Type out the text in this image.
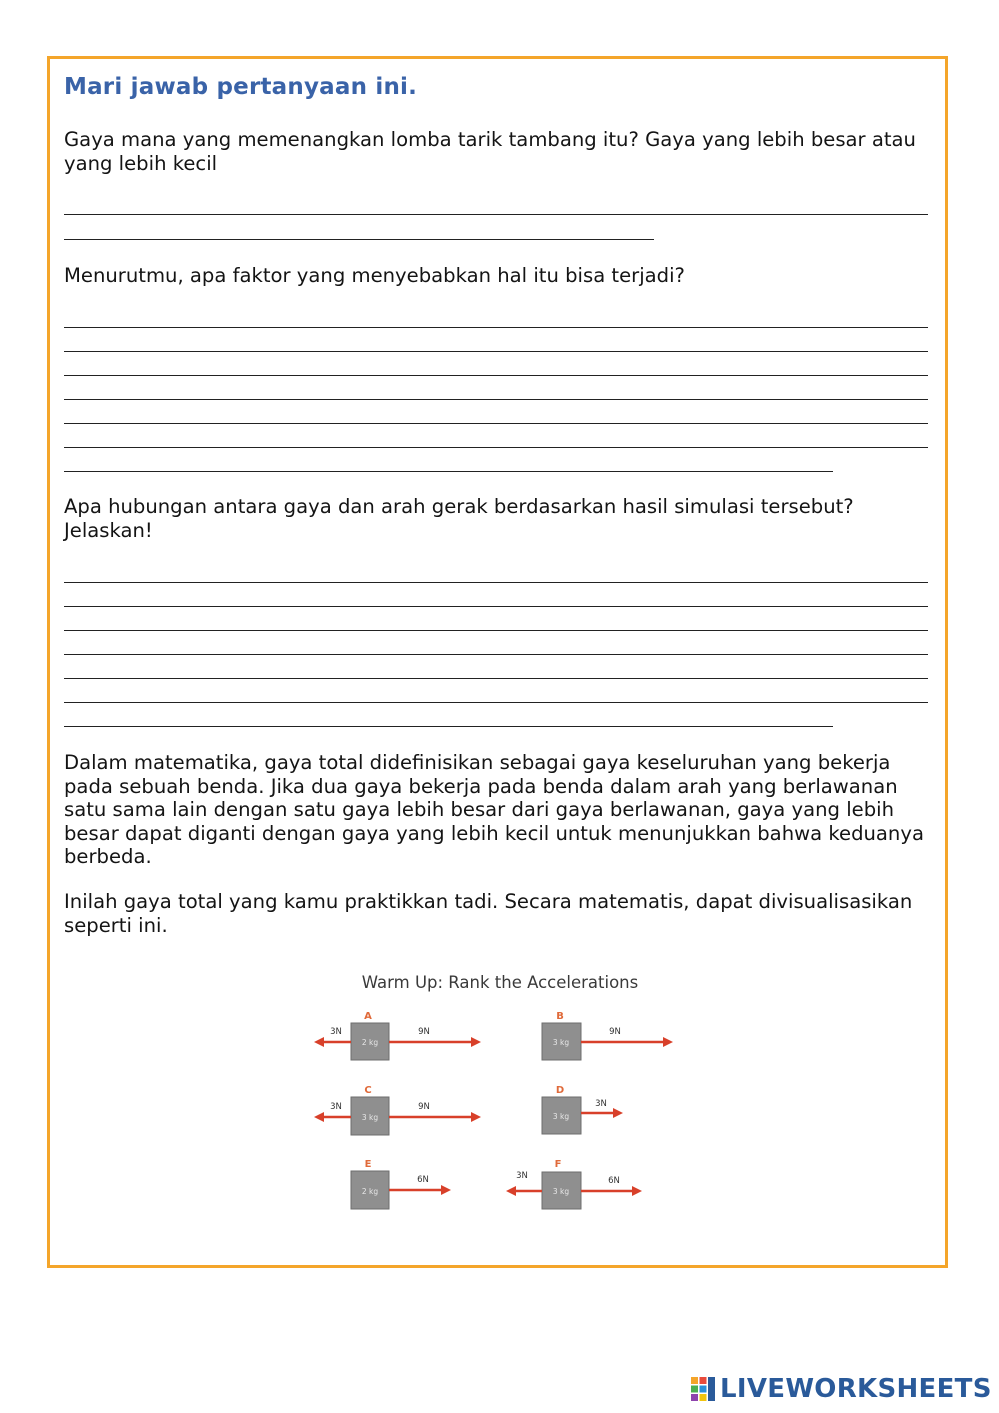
Mari jawab pertanyaan ini.

Gaya mana yang memenangkan lomba tarik tambang itu? Gaya yang lebih besar atau yang lebih kecil

Menurutmu, apa faktor yang menyebabkan hal itu bisa terjadi?

Apa hubungan antara gaya dan arah gerak berdasarkan hasil simulasi tersebut? Jelaskan!

Dalam matematika, gaya total didefinisikan sebagai gaya keseluruhan yang bekerja pada sebuah benda. Jika dua gaya bekerja pada benda dalam arah yang berlawanan satu sama lain dengan satu gaya lebih besar dari gaya berlawanan, gaya yang lebih besar dapat diganti dengan gaya yang lebih kecil untuk menunjukkan bahwa keduanya berbeda.

Inilah gaya total yang kamu praktikkan tadi. Secara matematis, dapat divisualisasikan seperti ini.

Warm Up: Rank the Accelerations
A
2 kg
3N	9N
B
3 kg
9N
C
3 kg
3N	9N
D
3 kg
3N
E
2 kg
6N
F
3 kg
3N	6N
LIVEWORKSHEETS
